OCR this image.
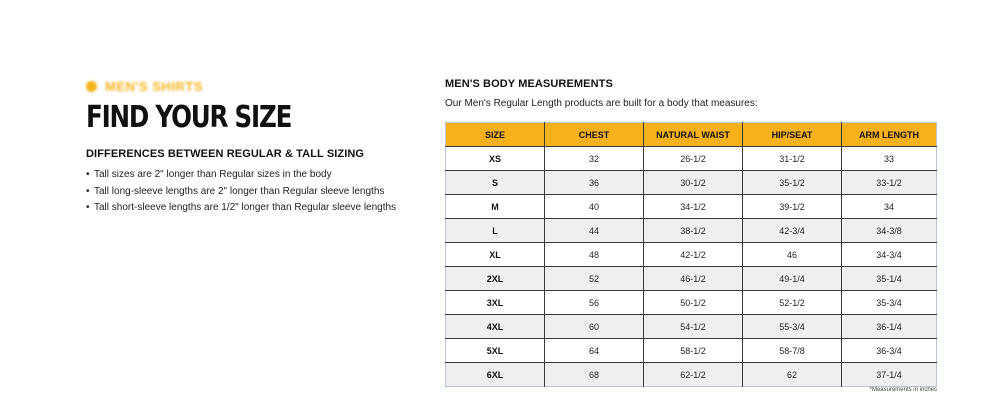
MEN'S SHIRTS
FIND YOUR SIZE
DIFFERENCES BETWEEN REGULAR & TALL SIZING
• Tall sizes are 2" longer than Regular sizes in the body
• Tall long-sleeve lengths are 2" longer than Regular sleeve lengths
• Tall short-sleeve lengths are 1/2" longer than Regular sleeve lengths
MEN'S BODY MEASUREMENTS
Our Men's Regular Length products are built for a body that measures:
SIZE	CHEST	NATURAL WAIST	HIP/SEAT	ARM LENGTH
XS	32	26-1/2	31-1/2	33
S	36	30-1/2	35-1/2	33-1/2
M	40	34-1/2	39-1/2	34
L	44	38-1/2	42-3/4	34-3/8
XL	48	42-1/2	46	34-3/4
2XL	52	46-1/2	49-1/4	35-1/4
3XL	56	50-1/2	52-1/2	35-3/4
4XL	60	54-1/2	55-3/4	36-1/4
5XL	64	58-1/2	58-7/8	36-3/4
6XL	68	62-1/2	62	37-1/4
*Measurements in inches
